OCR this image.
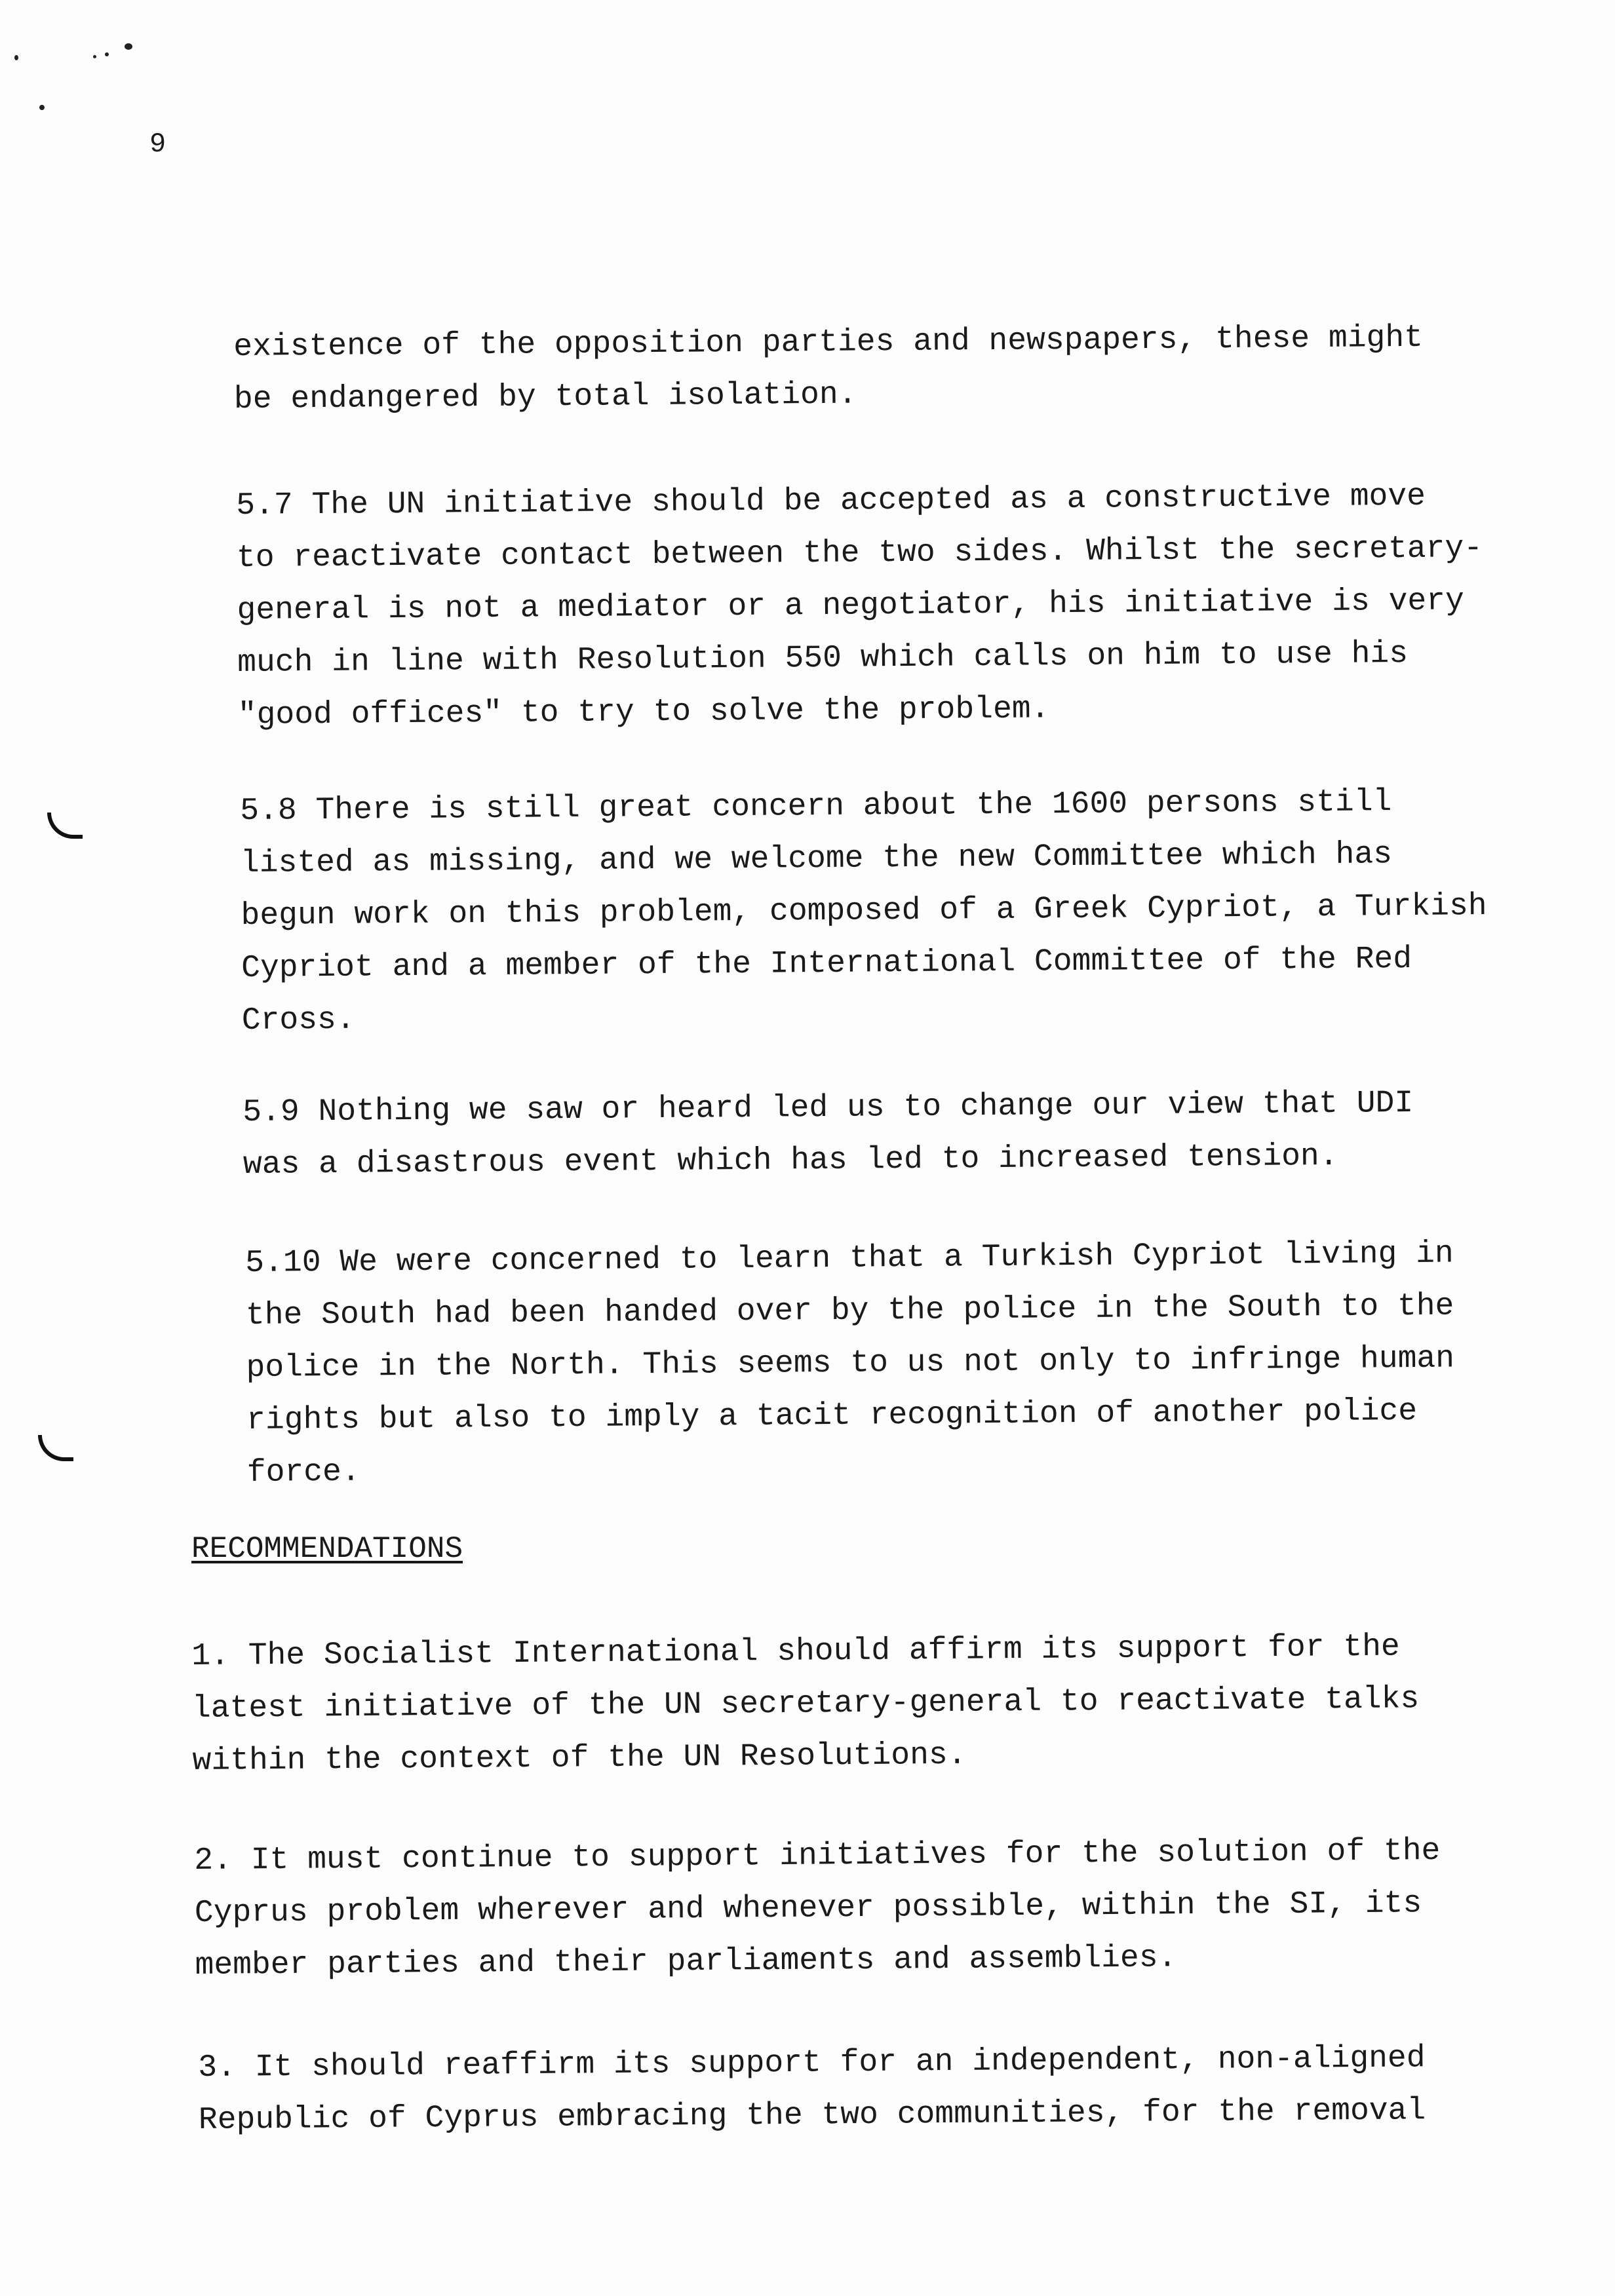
9
existence of the opposition parties and newspapers, these might
be endangered by total isolation.
5.7 The UN initiative should be accepted as a constructive move
to reactivate contact between the two sides. Whilst the secretary-
general is not a mediator or a negotiator, his initiative is very
much in line with Resolution 550 which calls on him to use his
"good offices" to try to solve the problem.
5.8 There is still great concern about the 1600 persons still
listed as missing, and we welcome the new Committee which has
begun work on this problem, composed of a Greek Cypriot, a Turkish
Cypriot and a member of the International Committee of the Red
Cross.
5.9 Nothing we saw or heard led us to change our view that UDI
was a disastrous event which has led to increased tension.
5.10 We were concerned to learn that a Turkish Cypriot living in
the South had been handed over by the police in the South to the
police in the North. This seems to us not only to infringe human
rights but also to imply a tacit recognition of another police
force.
RECOMMENDATIONS
1. The Socialist International should affirm its support for the
latest initiative of the UN secretary-general to reactivate talks
within the context of the UN Resolutions.
2. It must continue to support initiatives for the solution of the
Cyprus problem wherever and whenever possible, within the SI, its
member parties and their parliaments and assemblies.
3. It should reaffirm its support for an independent, non-aligned
Republic of Cyprus embracing the two communities, for the removal
